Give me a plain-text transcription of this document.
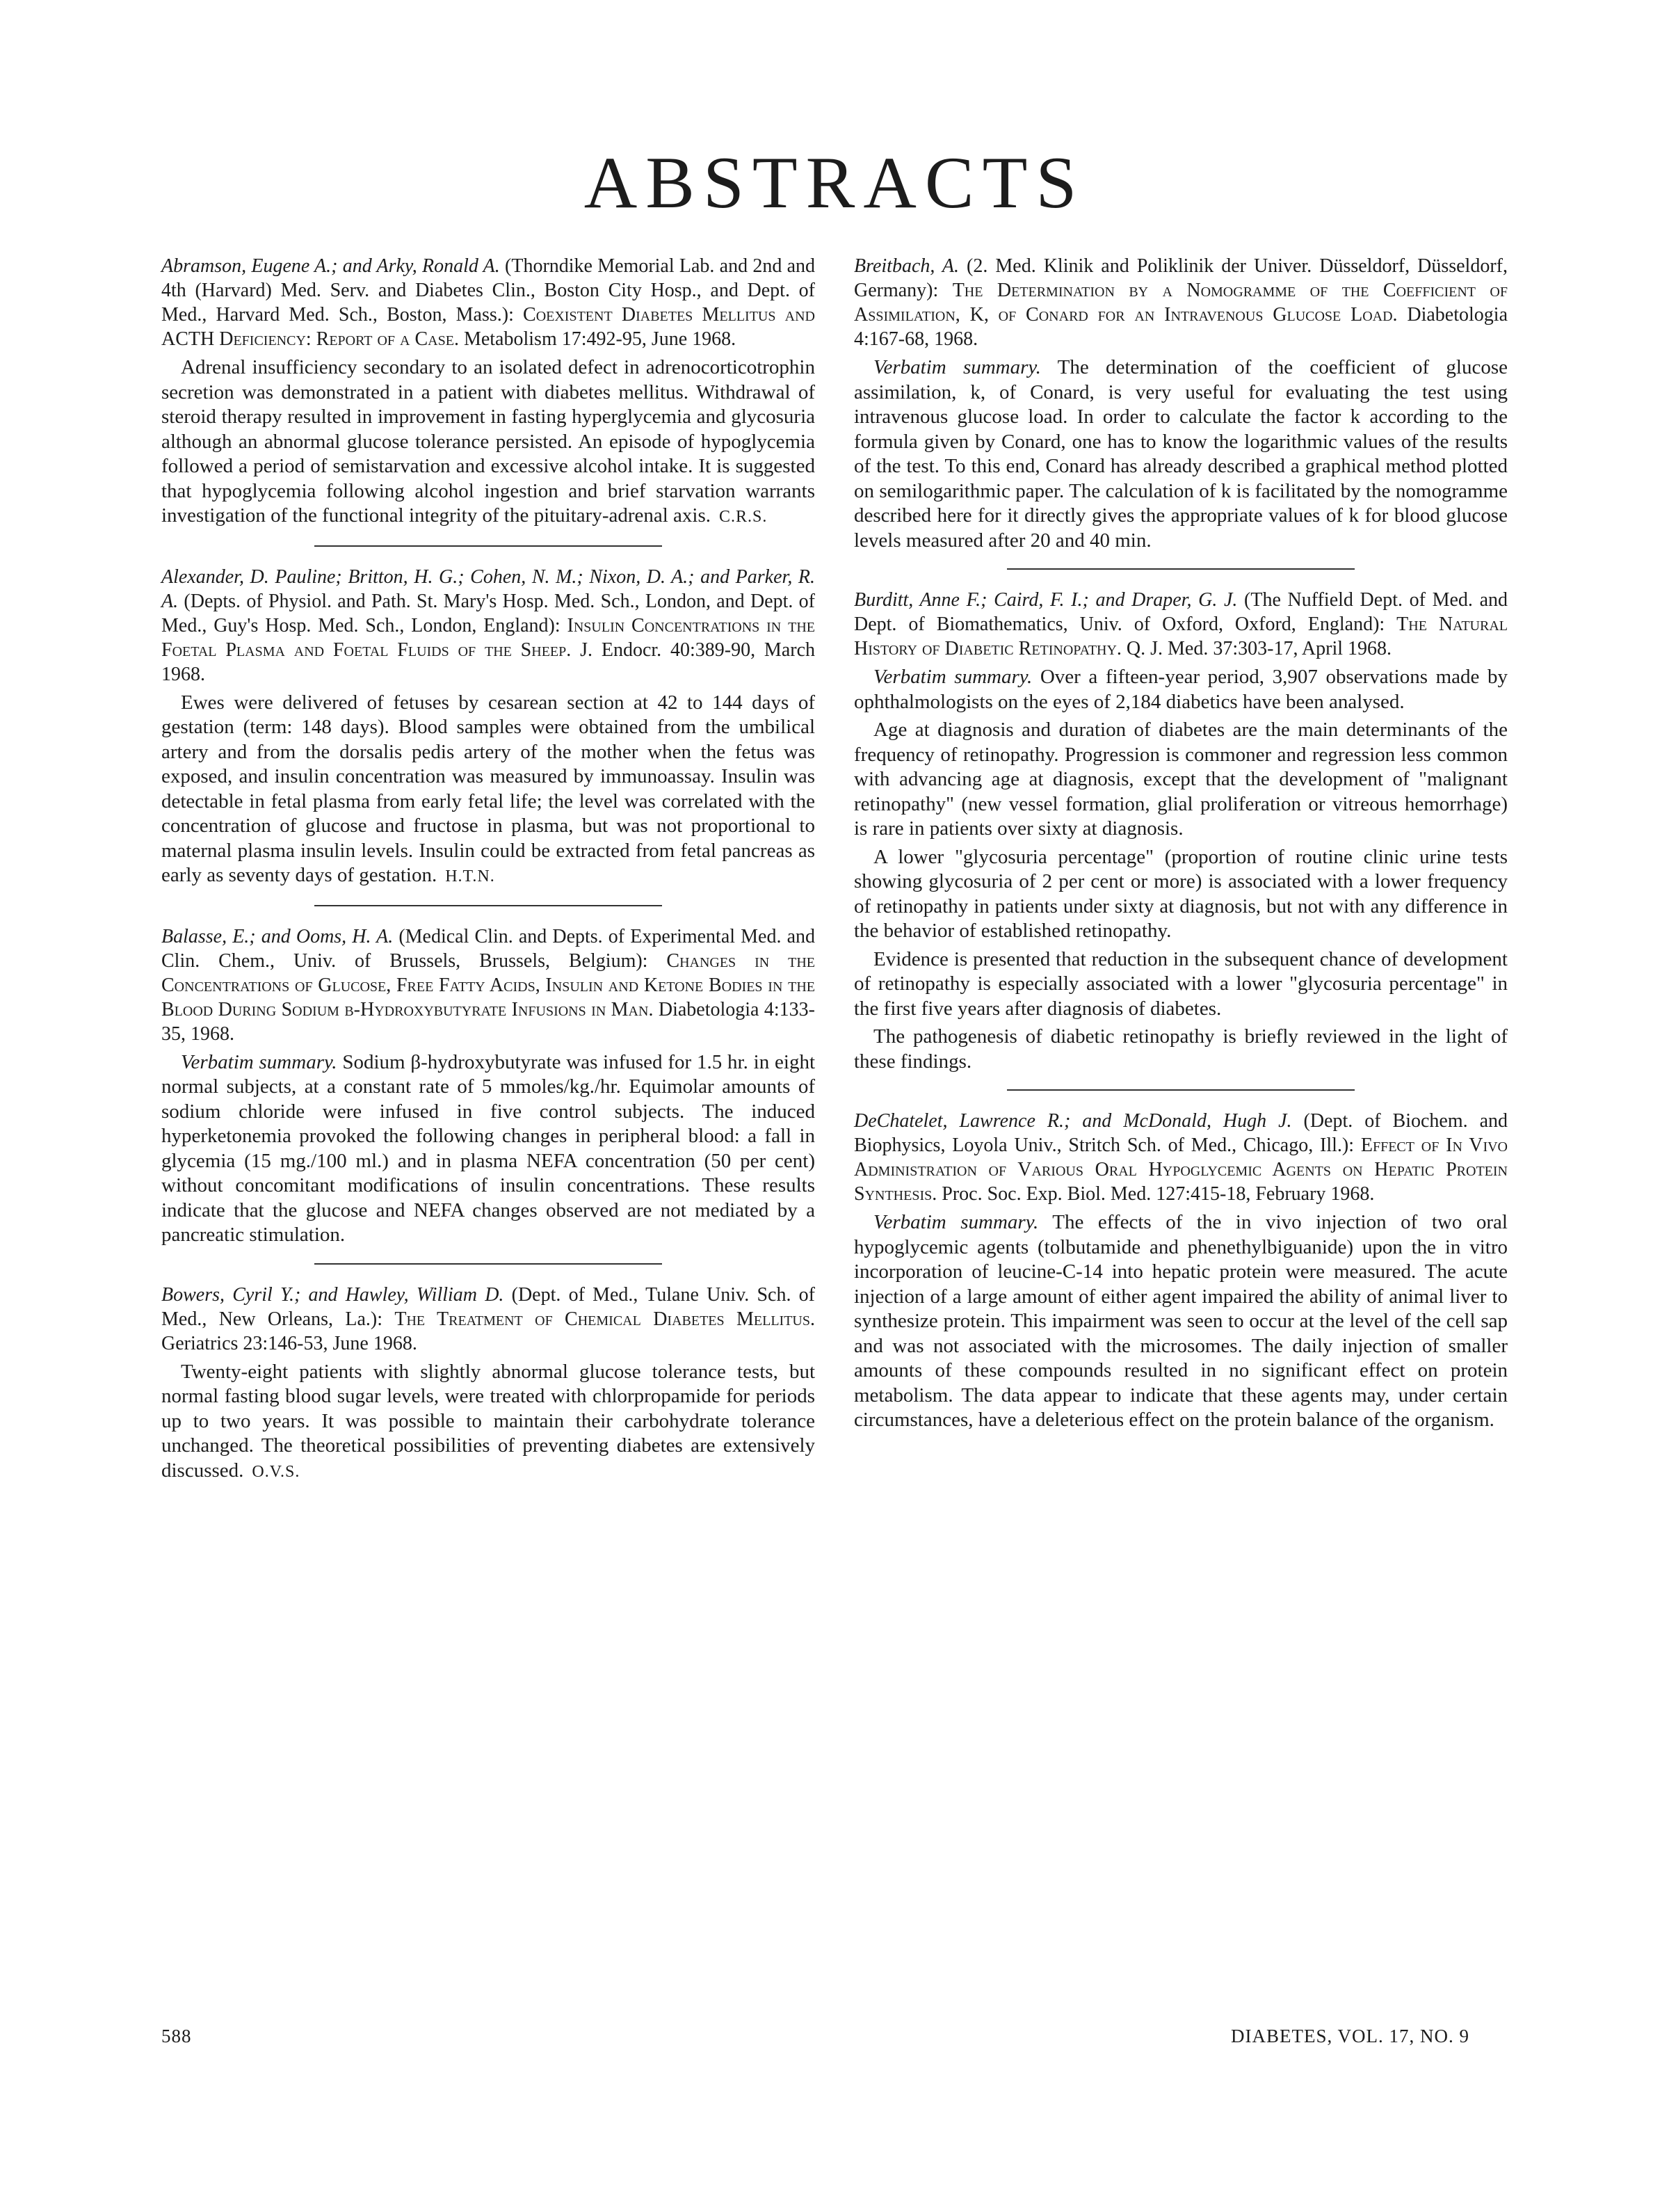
ABSTRACTS

Abramson, Eugene A.; and Arky, Ronald A. (Thorndike Memorial Lab. and 2nd and 4th (Harvard) Med. Serv. and Diabetes Clin., Boston City Hosp., and Dept. of Med., Harvard Med. Sch., Boston, Mass.): Coexistent Diabetes Mellitus and ACTH Deficiency: Report of a Case. Metabolism 17:492-95, June 1968.

Adrenal insufficiency secondary to an isolated defect in adrenocorticotrophin secretion was demonstrated in a patient with diabetes mellitus. Withdrawal of steroid therapy resulted in improvement in fasting hyperglycemia and glycosuria although an abnormal glucose tolerance persisted. An episode of hypoglycemia followed a period of semistarvation and excessive alcohol intake. It is suggested that hypoglycemia following alcohol ingestion and brief starvation warrants investigation of the functional integrity of the pituitary-adrenal axis. C.R.S.

Alexander, D. Pauline; Britton, H. G.; Cohen, N. M.; Nixon, D. A.; and Parker, R. A. (Depts. of Physiol. and Path. St. Mary's Hosp. Med. Sch., London, and Dept. of Med., Guy's Hosp. Med. Sch., London, England): Insulin Concentrations in the Foetal Plasma and Foetal Fluids of the Sheep. J. Endocr. 40:389-90, March 1968.

Ewes were delivered of fetuses by cesarean section at 42 to 144 days of gestation (term: 148 days). Blood samples were obtained from the umbilical artery and from the dorsalis pedis artery of the mother when the fetus was exposed, and insulin concentration was measured by immunoassay. Insulin was detectable in fetal plasma from early fetal life; the level was correlated with the concentration of glucose and fructose in plasma, but was not proportional to maternal plasma insulin levels. Insulin could be extracted from fetal pancreas as early as seventy days of gestation. H.T.N.

Balasse, E.; and Ooms, H. A. (Medical Clin. and Depts. of Experimental Med. and Clin. Chem., Univ. of Brussels, Brussels, Belgium): Changes in the Concentrations of Glucose, Free Fatty Acids, Insulin and Ketone Bodies in the Blood During Sodium β-Hydroxybutyrate Infusions in Man. Diabetologia 4:133-35, 1968.

Verbatim summary. Sodium β-hydroxybutyrate was infused for 1.5 hr. in eight normal subjects, at a constant rate of 5 mmoles/kg./hr. Equimolar amounts of sodium chloride were infused in five control subjects. The induced hyperketonemia provoked the following changes in peripheral blood: a fall in glycemia (15 mg./100 ml.) and in plasma NEFA concentration (50 per cent) without concomitant modifications of insulin concentrations. These results indicate that the glucose and NEFA changes observed are not mediated by a pancreatic stimulation.

Bowers, Cyril Y.; and Hawley, William D. (Dept. of Med., Tulane Univ. Sch. of Med., New Orleans, La.): The Treatment of Chemical Diabetes Mellitus. Geriatrics 23:146-53, June 1968.

Twenty-eight patients with slightly abnormal glucose tolerance tests, but normal fasting blood sugar levels, were treated with chlorpropamide for periods up to two years. It was possible to maintain their carbohydrate tolerance unchanged. The theoretical possibilities of preventing diabetes are extensively discussed. O.V.S.

Breitbach, A. (2. Med. Klinik and Poliklinik der Univer. Düsseldorf, Düsseldorf, Germany): The Determination by a Nomogramme of the Coefficient of Assimilation, K, of Conard for an Intravenous Glucose Load. Diabetologia 4:167-68, 1968.

Verbatim summary. The determination of the coefficient of glucose assimilation, k, of Conard, is very useful for evaluating the test using intravenous glucose load. In order to calculate the factor k according to the formula given by Conard, one has to know the logarithmic values of the results of the test. To this end, Conard has already described a graphical method plotted on semilogarithmic paper. The calculation of k is facilitated by the nomogramme described here for it directly gives the appropriate values of k for blood glucose levels measured after 20 and 40 min.

Burditt, Anne F.; Caird, F. I.; and Draper, G. J. (The Nuffield Dept. of Med. and Dept. of Biomathematics, Univ. of Oxford, Oxford, England): The Natural History of Diabetic Retinopathy. Q. J. Med. 37:303-17, April 1968.

Verbatim summary. Over a fifteen-year period, 3,907 observations made by ophthalmologists on the eyes of 2,184 diabetics have been analysed.

Age at diagnosis and duration of diabetes are the main determinants of the frequency of retinopathy. Progression is commoner and regression less common with advancing age at diagnosis, except that the development of "malignant retinopathy" (new vessel formation, glial proliferation or vitreous hemorrhage) is rare in patients over sixty at diagnosis.

A lower "glycosuria percentage" (proportion of routine clinic urine tests showing glycosuria of 2 per cent or more) is associated with a lower frequency of retinopathy in patients under sixty at diagnosis, but not with any difference in the behavior of established retinopathy.

Evidence is presented that reduction in the subsequent chance of development of retinopathy is especially associated with a lower "glycosuria percentage" in the first five years after diagnosis of diabetes.

The pathogenesis of diabetic retinopathy is briefly reviewed in the light of these findings.

DeChatelet, Lawrence R.; and McDonald, Hugh J. (Dept. of Biochem. and Biophysics, Loyola Univ., Stritch Sch. of Med., Chicago, Ill.): Effect of In Vivo Administration of Various Oral Hypoglycemic Agents on Hepatic Protein Synthesis. Proc. Soc. Exp. Biol. Med. 127:415-18, February 1968.

Verbatim summary. The effects of the in vivo injection of two oral hypoglycemic agents (tolbutamide and phenethylbiguanide) upon the in vitro incorporation of leucine-C-14 into hepatic protein were measured. The acute injection of a large amount of either agent impaired the ability of animal liver to synthesize protein. This impairment was seen to occur at the level of the cell sap and was not associated with the microsomes. The daily injection of smaller amounts of these compounds resulted in no significant effect on protein metabolism. The data appear to indicate that these agents may, under certain circumstances, have a deleterious effect on the protein balance of the organism.

588	DIABETES, VOL. 17, NO. 9
